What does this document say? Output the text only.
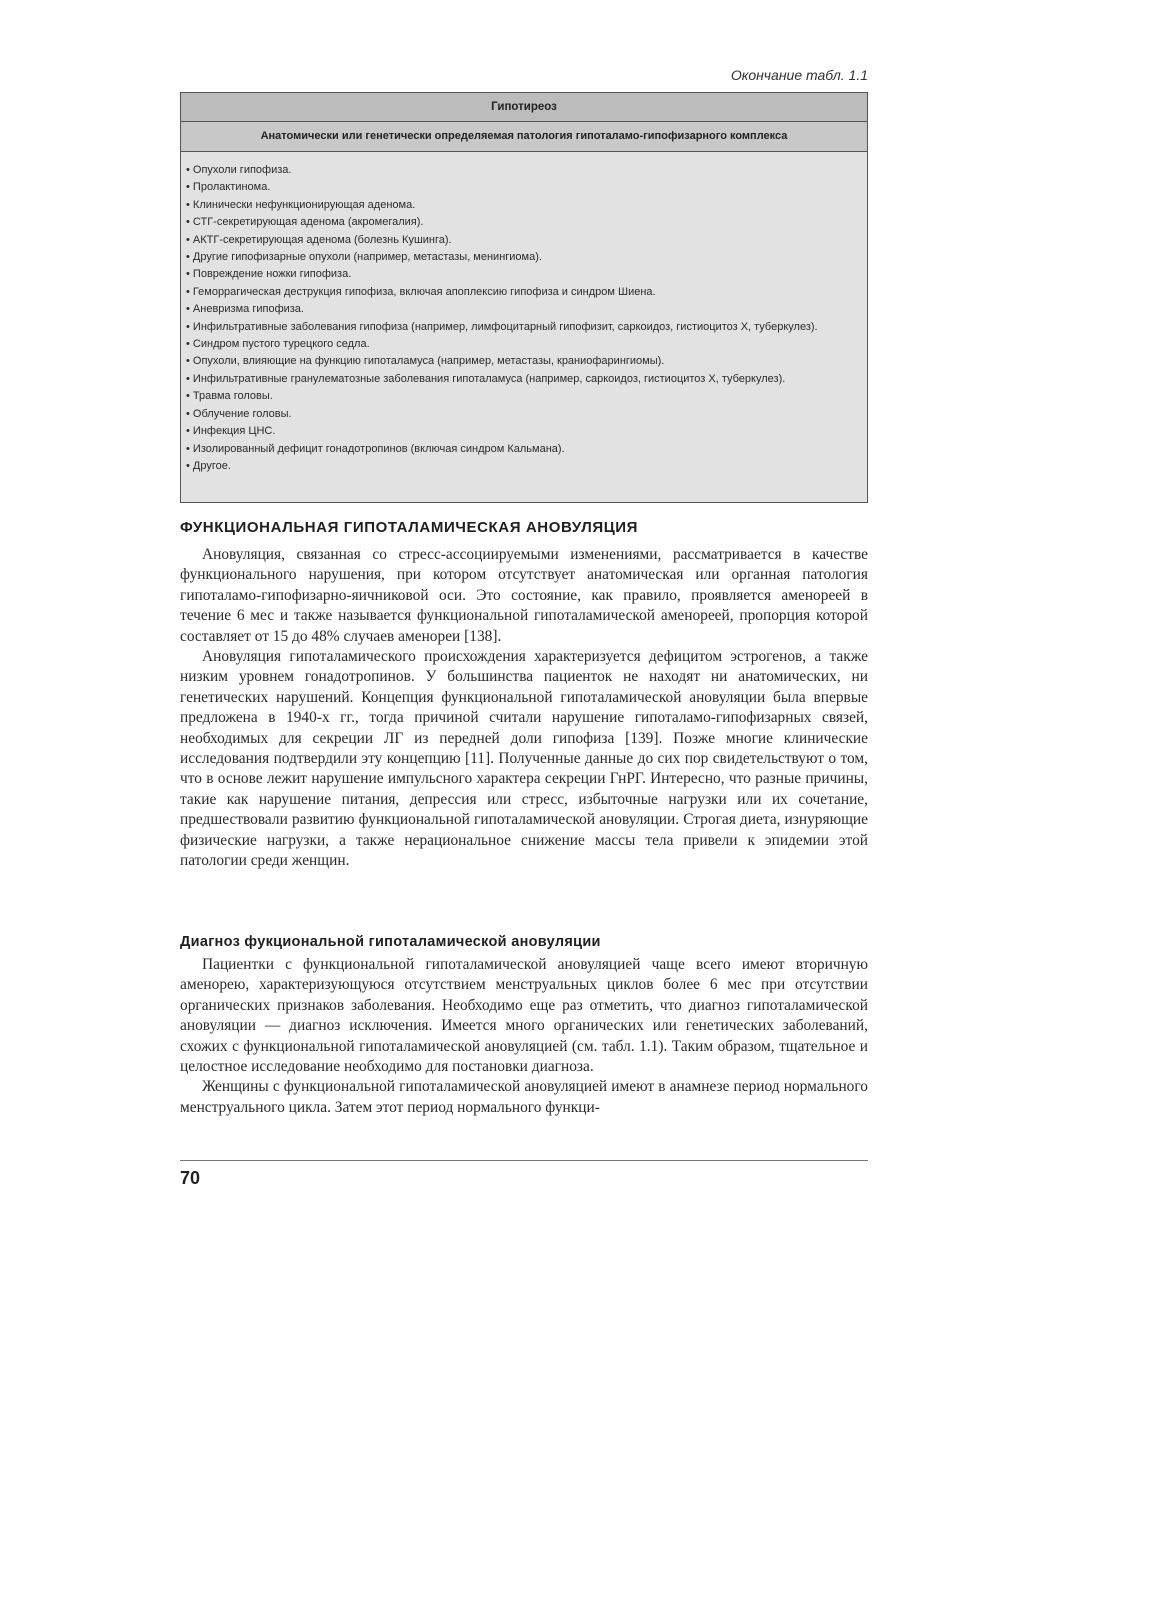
Окончание табл. 1.1
Гипотиреоз
Анатомически или генетически определяемая патология гипоталамо-гипофизарного комплекса
• Опухоли гипофиза.
• Пролактинома.
• Клинически нефункционирующая аденома.
• СТГ-секретирующая аденома (акромегалия).
• АКТГ-секретирующая аденома (болезнь Кушинга).
• Другие гипофизарные опухоли (например, метастазы, менингиома).
• Повреждение ножки гипофиза.
• Геморрагическая деструкция гипофиза, включая апоплексию гипофиза и синдром Шиена.
• Аневризма гипофиза.
• Инфильтративные заболевания гипофиза (например, лимфоцитарный гипофизит, саркоидоз, гистиоцитоз X, туберкулез).
• Синдром пустого турецкого седла.
• Опухоли, влияющие на функцию гипоталамуса (например, метастазы, краниофарингиомы).
• Инфильтративные гранулематозные заболевания гипоталамуса (например, саркоидоз, гистиоцитоз X, туберкулез).
• Травма головы.
• Облучение головы.
• Инфекция ЦНС.
• Изолированный дефицит гонадотропинов (включая синдром Кальмана).
• Другое.
ФУНКЦИОНАЛЬНАЯ ГИПОТАЛАМИЧЕСКАЯ АНОВУЛЯЦИЯ

Ановуляция, связанная со стресс-ассоциируемыми изменениями, рассматривается в качестве функционального нарушения, при котором отсутствует анатомическая или органная патология гипоталамо-гипофизарно-яичниковой оси. Это состояние, как правило, проявляется аменореей в течение 6 мес и также называется функциональной гипоталамической аменореей, пропорция которой составляет от 15 до 48% случаев аменореи [138].

Ановуляция гипоталамического происхождения характеризуется дефицитом эстрогенов, а также низким уровнем гонадотропинов. У большинства пациенток не находят ни анатомических, ни генетических нарушений. Концепция функциональной гипоталамической ановуляции была впервые предложена в 1940-х гг., тогда причиной считали нарушение гипоталамо-гипофизарных связей, необходимых для секреции ЛГ из передней доли гипофиза [139]. Позже многие клинические исследования подтвердили эту концепцию [11]. Полученные данные до сих пор свидетельствуют о том, что в основе лежит нарушение импульсного характера секреции ГнРГ. Интересно, что разные причины, такие как нарушение питания, депрессия или стресс, избыточные нагрузки или их сочетание, предшествовали развитию функциональной гипоталамической ановуляции. Строгая диета, изнуряющие физические нагрузки, а также нерациональное снижение массы тела привели к эпидемии этой патологии среди женщин.

Диагноз фукциональной гипоталамической ановуляции

Пациентки с функциональной гипоталамической ановуляцией чаще всего имеют вторичную аменорею, характеризующуюся отсутствием менструальных циклов более 6 мес при отсутствии органических признаков заболевания. Необходимо еще раз отметить, что диагноз гипоталамической ановуляции — диагноз исключения. Имеется много органических или генетических заболеваний, схожих с функциональной гипоталамической ановуляцией (см. табл. 1.1). Таким образом, тщательное и целостное исследование необходимо для постановки диагноза.

Женщины с функциональной гипоталамической ановуляцией имеют в анамнезе период нормального менструального цикла. Затем этот период нормального функци-

70
